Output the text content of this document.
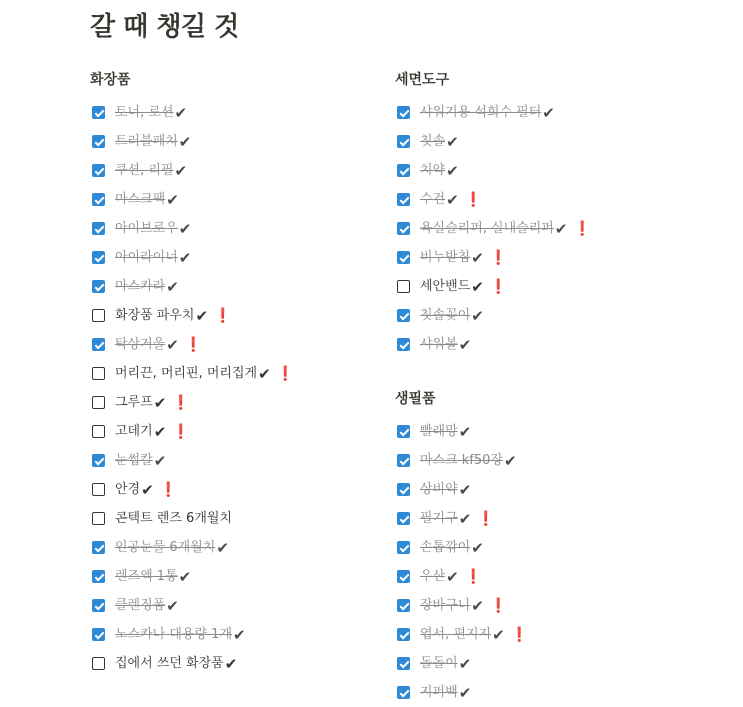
갈 때 챙길 것
화장품
토너, 로션 ✔
트러블패치 ✔
쿠션, 리필 ✔
마스크팩 ✔
아이브로우 ✔
아이라이너 ✔
마스카라 ✔
화장품 파우치 ✔ ❗
탁상거울 ✔ ❗
머리끈, 머리핀, 머리집게 ✔ ❗
그루프 ✔ ❗
고데기 ✔ ❗
눈썹칼 ✔
안경 ✔ ❗
콘텍트 렌즈 6개월치
인공눈물 6개월치 ✔
렌즈액 1통 ✔
클렌징폼 ✔
노스카나 대용량 1개 ✔
집에서 쓰던 화장품 ✔
세면도구
샤워기용 석회수 필터 ✔
칫솔 ✔
치약 ✔
수건 ✔ ❗
욕실슬리퍼, 실내슬리퍼 ✔ ❗
비누받침 ✔ ❗
세안밴드 ✔ ❗
칫솔꽂이 ✔
샤워볼 ✔
생필품
빨래망 ✔
마스크 kf50장 ✔
상비약 ✔
필기구 ✔ ❗
손톱깎이 ✔
우산 ✔ ❗
장바구니 ✔ ❗
엽서, 편지지 ✔ ❗
돌돌이 ✔
지퍼백 ✔
